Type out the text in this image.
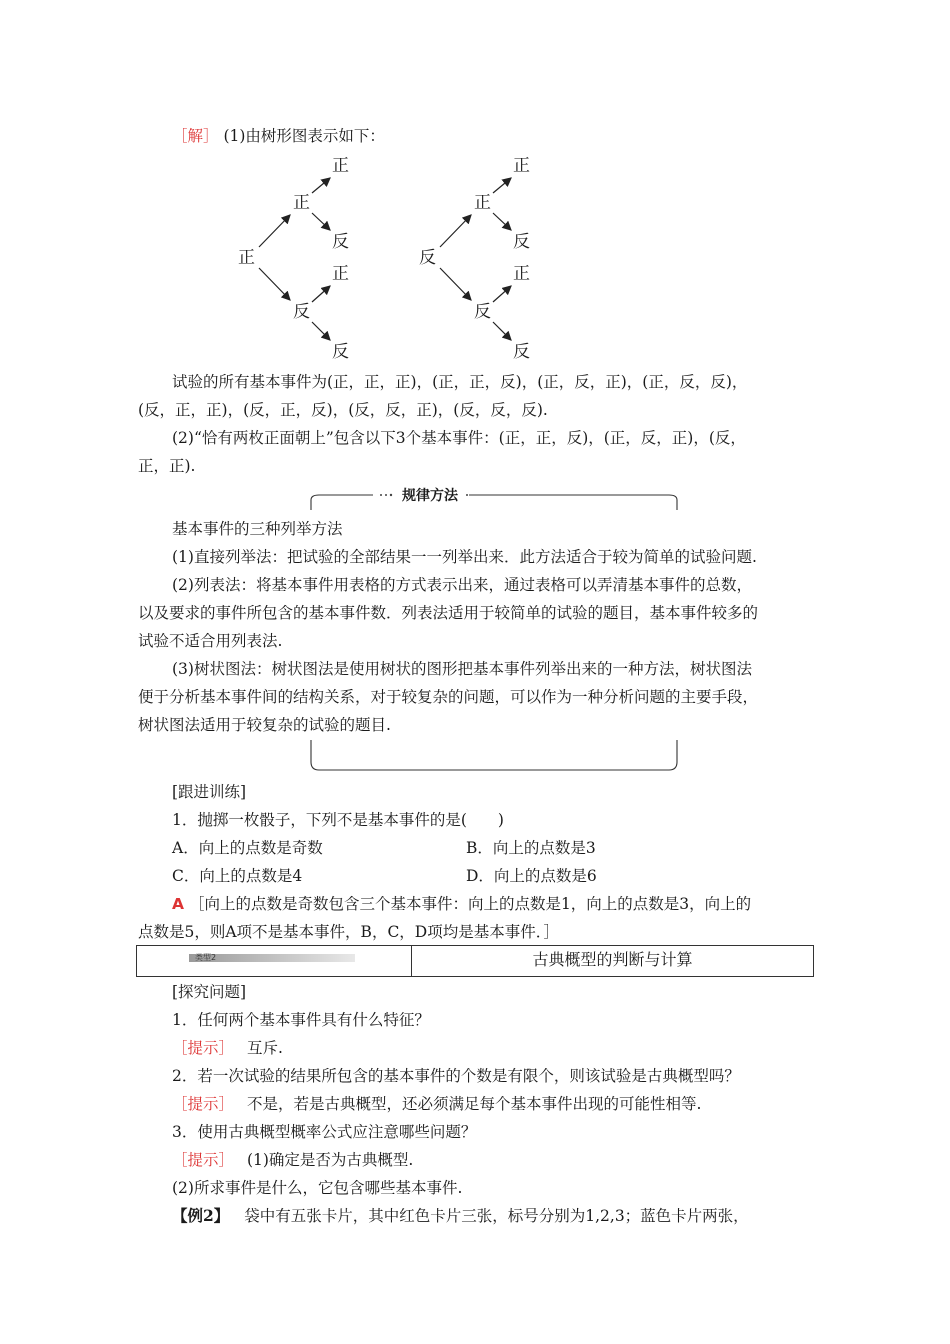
［解］ (1)由树形图表示如下：
正
正
反
正
反
正
反
反
正
反
正
反
正
反
试验的所有基本事件为(正，正，正)，(正，正，反)，(正，反，正)，(正，反，反)，
(反，正，正)，(反，正，反)，(反，反，正)，(反，反，反).
(2)“恰有两枚正面朝上”包含以下3个基本事件：(正，正，反)，(正，反，正)，(反，
正，正).
规律方法
基本事件的三种列举方法
(1)直接列举法：把试验的全部结果一一列举出来．此方法适合于较为简单的试验问题.
(2)列表法：将基本事件用表格的方式表示出来，通过表格可以弄清基本事件的总数，
以及要求的事件所包含的基本事件数．列表法适用于较简单的试验的题目，基本事件较多的
试验不适合用列表法.
(3)树状图法：树状图法是使用树状的图形把基本事件列举出来的一种方法，树状图法
便于分析基本事件间的结构关系，对于较复杂的问题，可以作为一种分析问题的主要手段，
树状图法适用于较复杂的试验的题目.
[跟进训练]
1．抛掷一枚骰子，下列不是基本事件的是(　　)
A．向上的点数是奇数	B．向上的点数是3
C．向上的点数是4	D．向上的点数是6
A ［向上的点数是奇数包含三个基本事件：向上的点数是1，向上的点数是3，向上的
点数是5，则A项不是基本事件，B，C，D项均是基本事件．］
类型2	古典概型的判断与计算
[探究问题]
1．任何两个基本事件具有什么特征？
［提示］ 互斥.
2．若一次试验的结果所包含的基本事件的个数是有限个，则该试验是古典概型吗？
［提示］ 不是，若是古典概型，还必须满足每个基本事件出现的可能性相等.
3．使用古典概型概率公式应注意哪些问题？
［提示］ (1)确定是否为古典概型.
(2)所求事件是什么，它包含哪些基本事件.
【例2】 袋中有五张卡片，其中红色卡片三张，标号分别为1,2,3；蓝色卡片两张，
